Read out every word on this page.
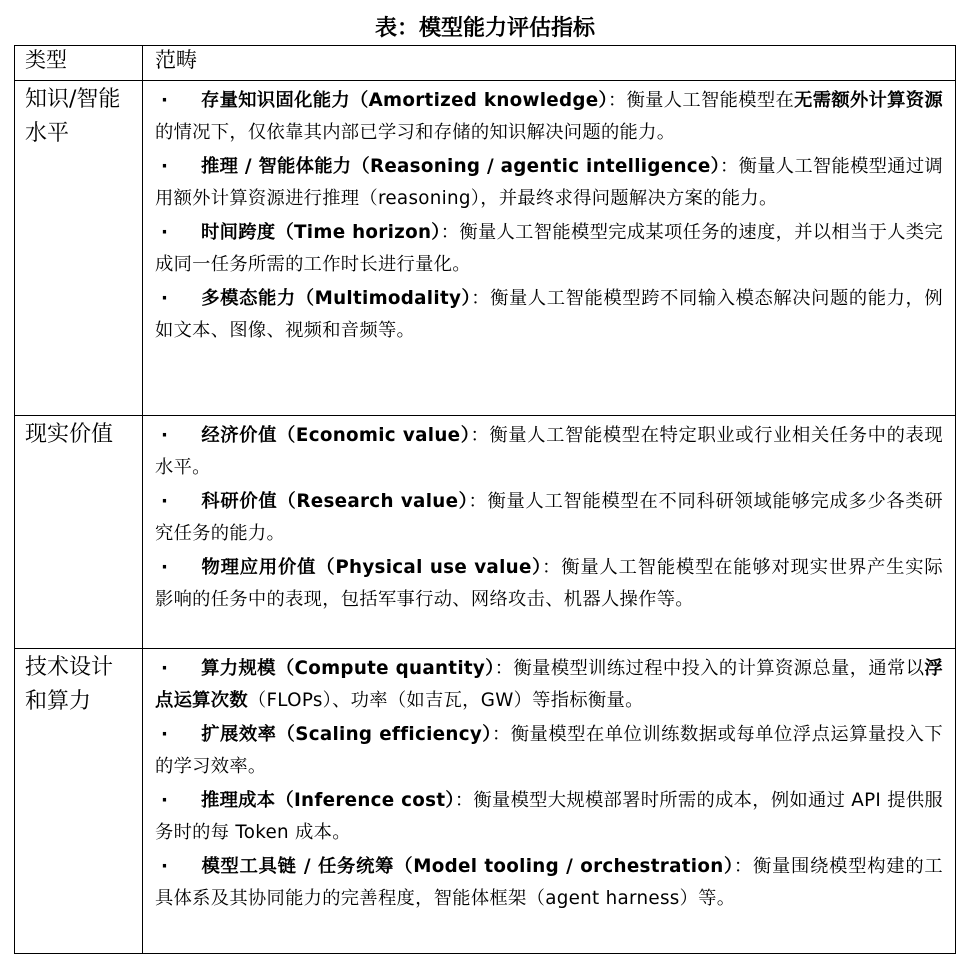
表：模型能力评估指标
类型	范畴
知识/智能水平	· 存量知识固化能力（Amortized knowledge）：衡量人工智能模型在无需额外计算资源的情况下，仅依靠其内部已学习和存储的知识解决问题的能力。
· 推理 / 智能体能力（Reasoning / agentic intelligence）：衡量人工智能模型通过调用额外计算资源进行推理（reasoning），并最终求得问题解决方案的能力。
· 时间跨度（Time horizon）：衡量人工智能模型完成某项任务的速度，并以相当于人类完成同一任务所需的工作时长进行量化。
· 多模态能力（Multimodality）：衡量人工智能模型跨不同输入模态解决问题的能力，例如文本、图像、视频和音频等。

现实价值	· 经济价值（Economic value）：衡量人工智能模型在特定职业或行业相关任务中的表现水平。
· 科研价值（Research value）：衡量人工智能模型在不同科研领域能够完成多少各类研究任务的能力。
· 物理应用价值（Physical use value）：衡量人工智能模型在能够对现实世界产生实际影响的任务中的表现，包括军事行动、网络攻击、机器人操作等。

技术设计和算力	· 算力规模（Compute quantity）：衡量模型训练过程中投入的计算资源总量，通常以浮点运算次数（FLOPs）、功率（如吉瓦，GW）等指标衡量。
· 扩展效率（Scaling efficiency）：衡量模型在单位训练数据或每单位浮点运算量投入下的学习效率。
· 推理成本（Inference cost）：衡量模型大规模部署时所需的成本，例如通过 API 提供服务时的每 Token 成本。
· 模型工具链 / 任务统筹（Model tooling / orchestration）：衡量围绕模型构建的工具体系及其协同能力的完善程度，智能体框架（agent harness）等。
